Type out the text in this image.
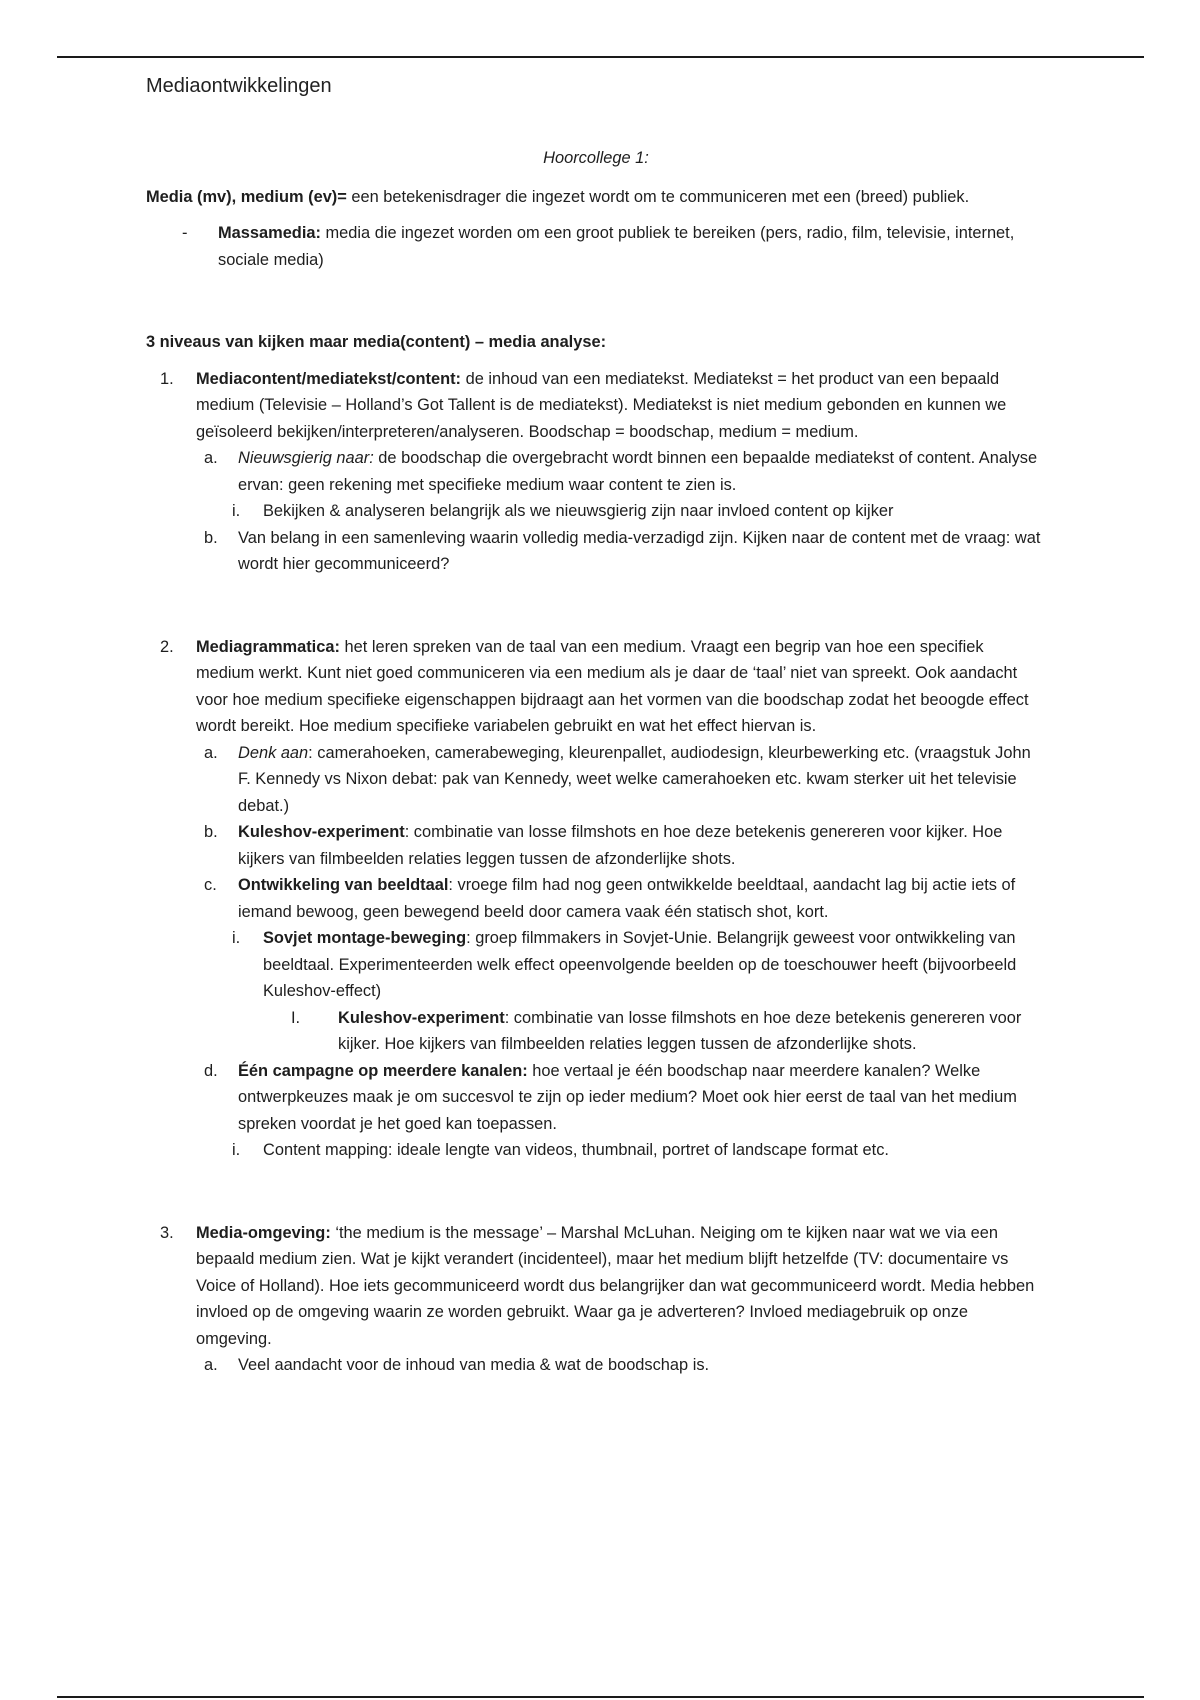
Mediaontwikkelingen

Hoorcollege 1:

Media (mv), medium (ev)= een betekenisdrager die ingezet wordt om te communiceren met een (breed) publiek.

- Massamedia: media die ingezet worden om een groot publiek te bereiken (pers, radio, film, televisie, internet, sociale media)

3 niveaus van kijken maar media(content) – media analyse:

1. Mediacontent/mediatekst/content: de inhoud van een mediatekst. Mediatekst = het product van een bepaald medium (Televisie – Holland’s Got Tallent is de mediatekst). Mediatekst is niet medium gebonden en kunnen we geïsoleerd bekijken/interpreteren/analyseren. Boodschap = boodschap, medium = medium.
a. Nieuwsgierig naar: de boodschap die overgebracht wordt binnen een bepaalde mediatekst of content. Analyse ervan: geen rekening met specifieke medium waar content te zien is.
i. Bekijken & analyseren belangrijk als we nieuwsgierig zijn naar invloed content op kijker
b. Van belang in een samenleving waarin volledig media-verzadigd zijn. Kijken naar de content met de vraag: wat wordt hier gecommuniceerd?
2. Mediagrammatica: het leren spreken van de taal van een medium. Vraagt een begrip van hoe een specifiek medium werkt. Kunt niet goed communiceren via een medium als je daar de ‘taal’ niet van spreekt. Ook aandacht voor hoe medium specifieke eigenschappen bijdraagt aan het vormen van die boodschap zodat het beoogde effect wordt bereikt. Hoe medium specifieke variabelen gebruikt en wat het effect hiervan is.
a. Denk aan: camerahoeken, camerabeweging, kleurenpallet, audiodesign, kleurbewerking etc. (vraagstuk John F. Kennedy vs Nixon debat: pak van Kennedy, weet welke camerahoeken etc. kwam sterker uit het televisie debat.)
b. Kuleshov-experiment: combinatie van losse filmshots en hoe deze betekenis genereren voor kijker. Hoe kijkers van filmbeelden relaties leggen tussen de afzonderlijke shots.
c. Ontwikkeling van beeldtaal: vroege film had nog geen ontwikkelde beeldtaal, aandacht lag bij actie iets of iemand bewoog, geen bewegend beeld door camera vaak één statisch shot, kort.
i. Sovjet montage-beweging: groep filmmakers in Sovjet-Unie. Belangrijk geweest voor ontwikkeling van beeldtaal. Experimenteerden welk effect opeenvolgende beelden op de toeschouwer heeft (bijvoorbeeld Kuleshov-effect)
I. Kuleshov-experiment: combinatie van losse filmshots en hoe deze betekenis genereren voor kijker. Hoe kijkers van filmbeelden relaties leggen tussen de afzonderlijke shots.
d. Één campagne op meerdere kanalen: hoe vertaal je één boodschap naar meerdere kanalen? Welke ontwerpkeuzes maak je om succesvol te zijn op ieder medium? Moet ook hier eerst de taal van het medium spreken voordat je het goed kan toepassen.
i. Content mapping: ideale lengte van videos, thumbnail, portret of landscape format etc.
3. Media-omgeving: ‘the medium is the message’ – Marshal McLuhan. Neiging om te kijken naar wat we via een bepaald medium zien. Wat je kijkt verandert (incidenteel), maar het medium blijft hetzelfde (TV: documentaire vs Voice of Holland). Hoe iets gecommuniceerd wordt dus belangrijker dan wat gecommuniceerd wordt. Media hebben invloed op de omgeving waarin ze worden gebruikt. Waar ga je adverteren? Invloed mediagebruik op onze omgeving.
a. Veel aandacht voor de inhoud van media & wat de boodschap is.
